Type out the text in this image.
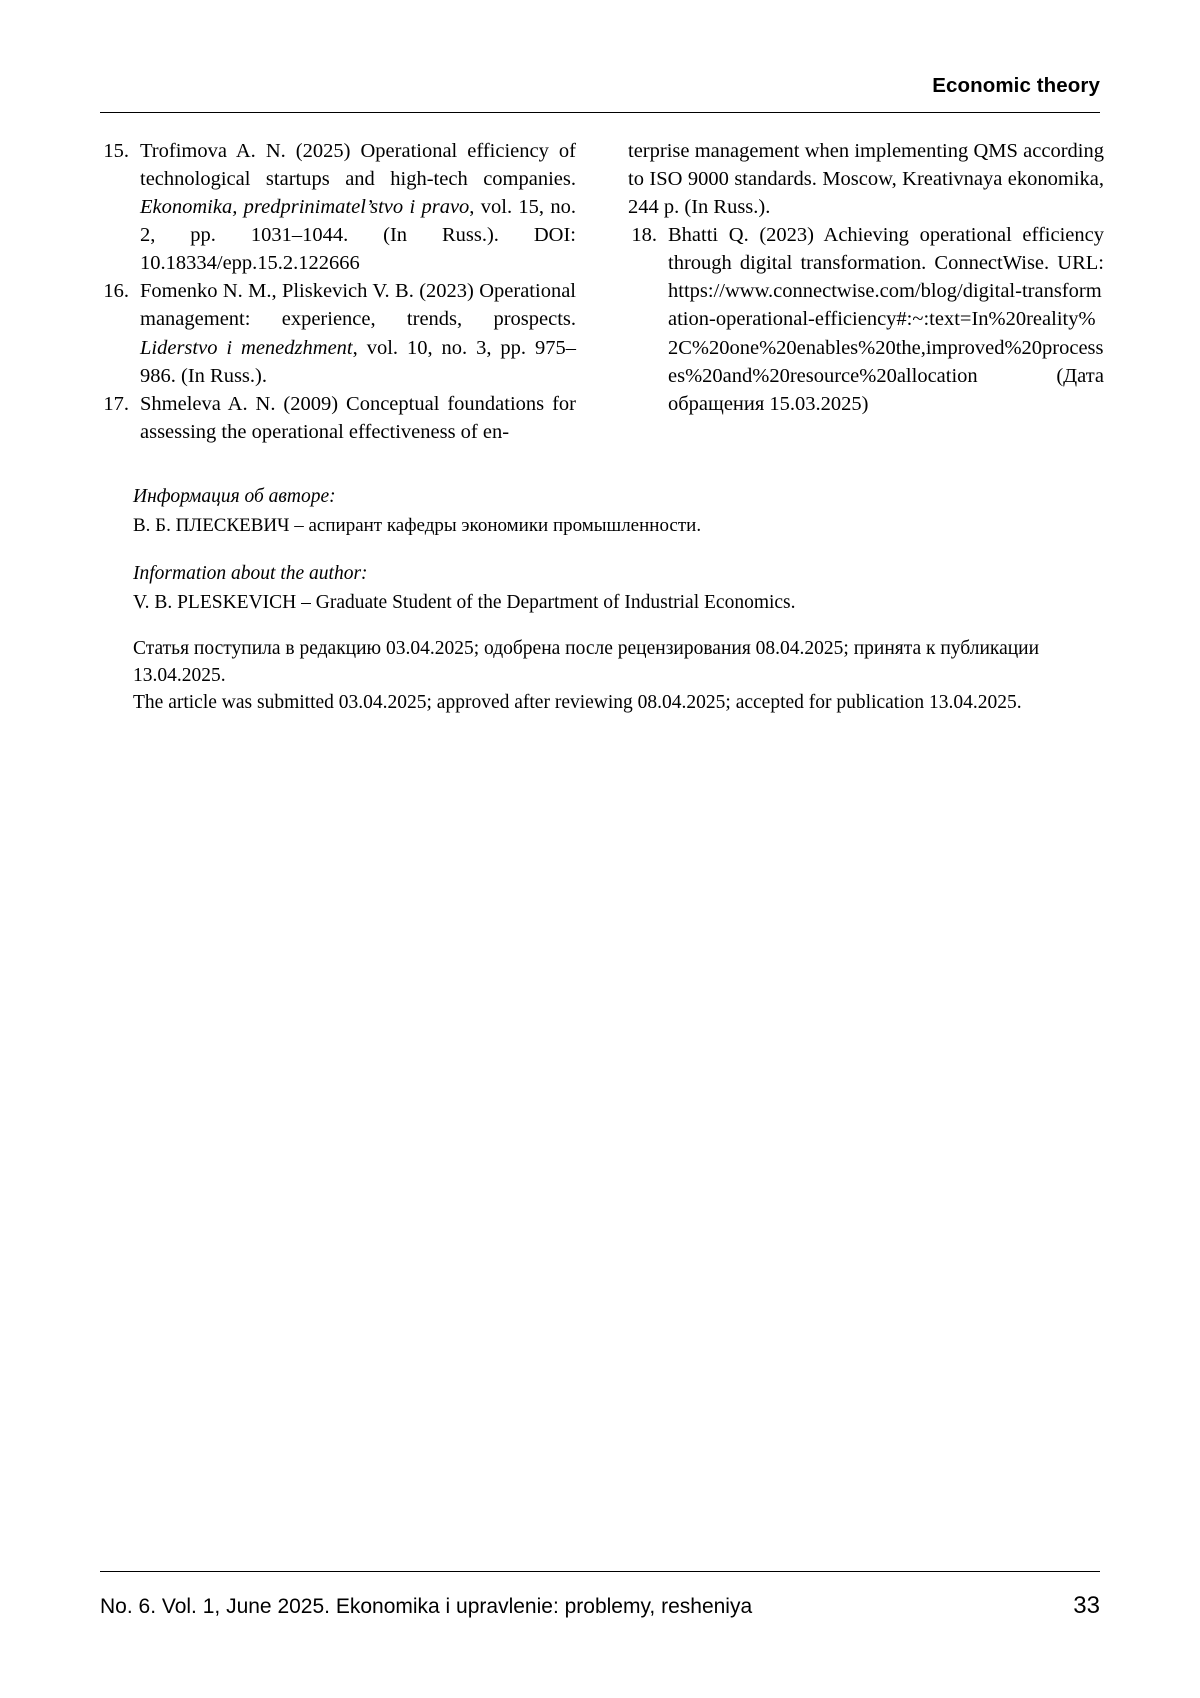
Economic theory
15. Trofimova A. N. (2025) Operational efficiency of technological startups and high-tech companies. Ekonomika, predprinimatel’stvo i pravo, vol. 15, no. 2, pp. 1031–1044. (In Russ.). DOI: 10.18334/epp.15.2.122666
16. Fomenko N. M., Pliskevich V. B. (2023) Operational management: experience, trends, prospects. Liderstvo i menedzhment, vol. 10, no. 3, pp. 975–986. (In Russ.).
17. Shmeleva A. N. (2009) Conceptual foundations for assessing the operational effectiveness of en-
terprise management when implementing QMS according to ISO 9000 standards. Moscow, Kreativnaya ekonomika, 244 p. (In Russ.).
18. Bhatti Q. (2023) Achieving operational efficiency through digital transformation. ConnectWise. URL: https://www.connectwise.com/blog/digital-transformation-operational-efficiency#:~:text=In%20reality%2C%20one%20enables%20the,improved%20processes%20and%20resource%20allocation (Дата обращения 15.03.2025)
Информация об авторе:
В. Б. ПЛЕСКЕВИЧ – аспирант кафедры экономики промышленности.
Information about the author:
V. B. PLESKEVICH – Graduate Student of the Department of Industrial Economics.
Статья поступила в редакцию 03.04.2025; одобрена после рецензирования 08.04.2025; принята к публикации 13.04.2025.
The article was submitted 03.04.2025; approved after reviewing 08.04.2025; accepted for publication 13.04.2025.
No. 6. Vol. 1, June 2025. Ekonomika i upravlenie: problemy, resheniya	33
